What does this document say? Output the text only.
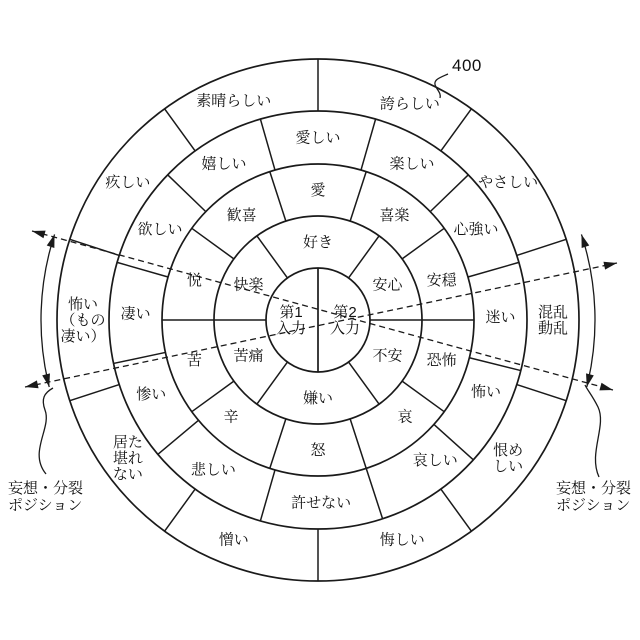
好き
安心
不安
嫌い
苦痛
快楽
愛
喜楽
安穏
恐怖
哀
怒
辛
苦
悦
歓喜
愛しい
楽しい
心強い
迷い
怖い
哀しい
許せない
悲しい
惨い
凄い
欲しい
嬉しい
誇らしい
やさしい
混乱
動乱
恨め
しい
悔しい
憎い
居た
堪れ
ない
怖い
（もの
凄い）
疚しい
素晴らしい
第1
入力
第2
入力
400
妄想・分裂
ポジション
妄想・分裂
ポジション
